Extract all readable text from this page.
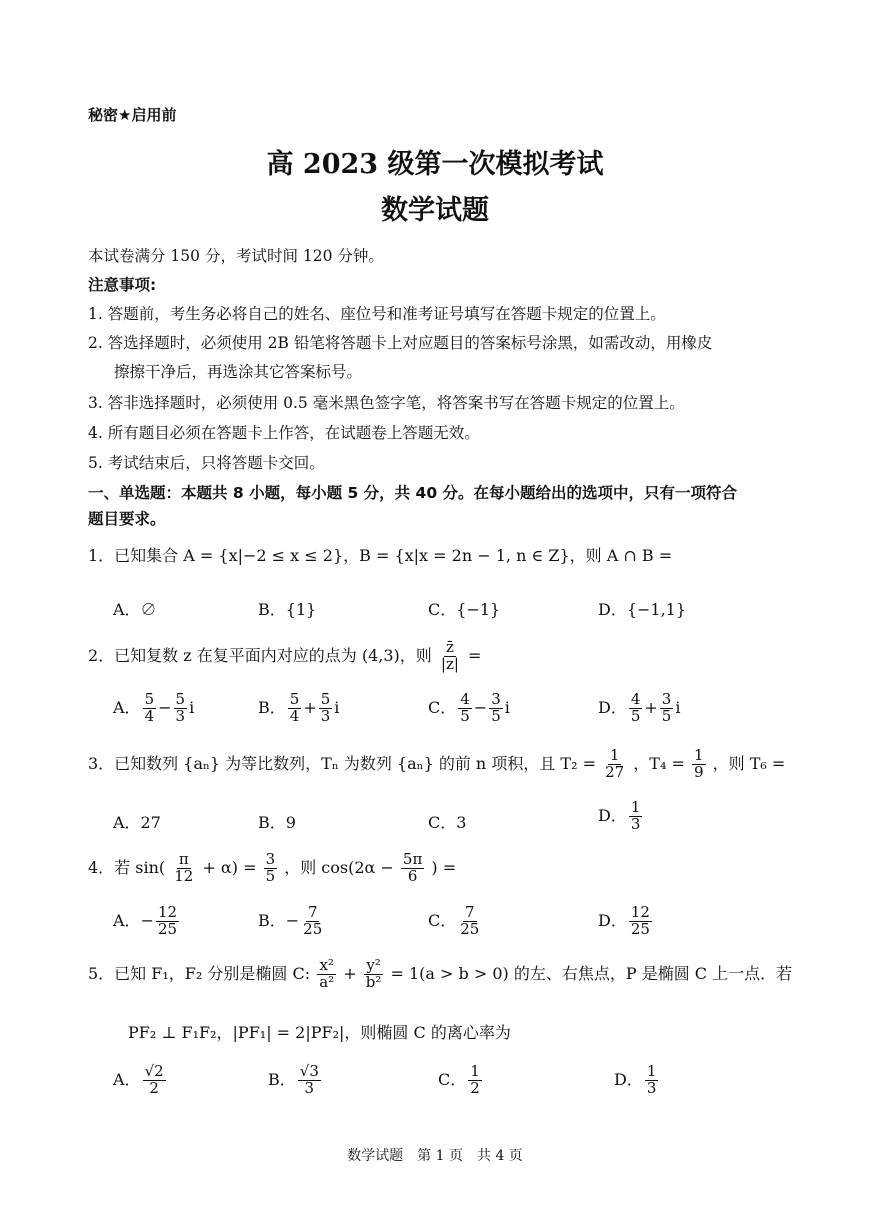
秘密★启用前
高 2023 级第一次模拟考试
数学试题
本试卷满分 150 分，考试时间 120 分钟。
注意事项:
1. 答题前，考生务必将自己的姓名、座位号和准考证号填写在答题卡规定的位置上。
2. 答选择题时，必须使用 2B 铅笔将答题卡上对应题目的答案标号涂黑，如需改动，用橡皮
擦擦干净后，再选涂其它答案标号。
3. 答非选择题时，必须使用 0.5 毫米黑色签字笔，将答案书写在答题卡规定的位置上。
4. 所有题目必须在答题卡上作答，在试题卷上答题无效。
5. 考试结束后，只将答题卡交回。
一、单选题：本题共 8 小题，每小题 5 分，共 40 分。在每小题给出的选项中，只有一项符合
题目要求。
1．已知集合 A = {x|−2 ≤ x ≤ 2}，B = {x|x = 2n − 1, n ∈ Z}，则 A ∩ B =
A．∅	B．{1}	C．{−1}	D．{−1,1}
2．已知复数 z 在复平面内对应的点为 (4,3)，则 $\frac{z̄}{|z|}$ =
A． $\frac{5}{4} - \frac{5}{3}$ i	B． $\frac{5}{4} + \frac{5}{3}$ i	C． $\frac{4}{5} - \frac{3}{5}$ i	D． $\frac{4}{5} + \frac{3}{5}$ i
3．已知数列 {aₙ} 为等比数列，Tₙ 为数列 {aₙ} 的前 n 项积，且 $T_2 = \frac{1}{27}$ ，$T_4 = \frac{1}{9}$ ，则 T₆ =
A．27	B．9	C．3	D． $\frac{1}{3}$
4．若 $\sin( \frac{\pi}{12} + \alpha) = \frac{3}{5}$ ，则 $\cos(2\alpha - \frac{5\pi}{6}$ ) =
A．− $\frac{12}{25}$	B．− $\frac{7}{25}$	C． $\frac{7}{25}$	D． $\frac{12}{25}$
5．已知 F₁，F₂ 分别是椭圆 C: $\frac{\text{x²}}{\text{a²}} + \frac{\text{y²}}{\text{b²}} = 1(a > b > 0)$ 的左、右焦点，P 是椭圆 C 上一点．若
PF₂ ⊥ F₁F₂，|PF₁| = 2|PF₂|，则椭圆 C 的离心率为
A． $\frac{√2}{2}$	B． $\frac{√3}{3}$	C． $\frac{1}{2}$	D． $\frac{1}{3}$
数学试题　第 1 页　共 4 页
